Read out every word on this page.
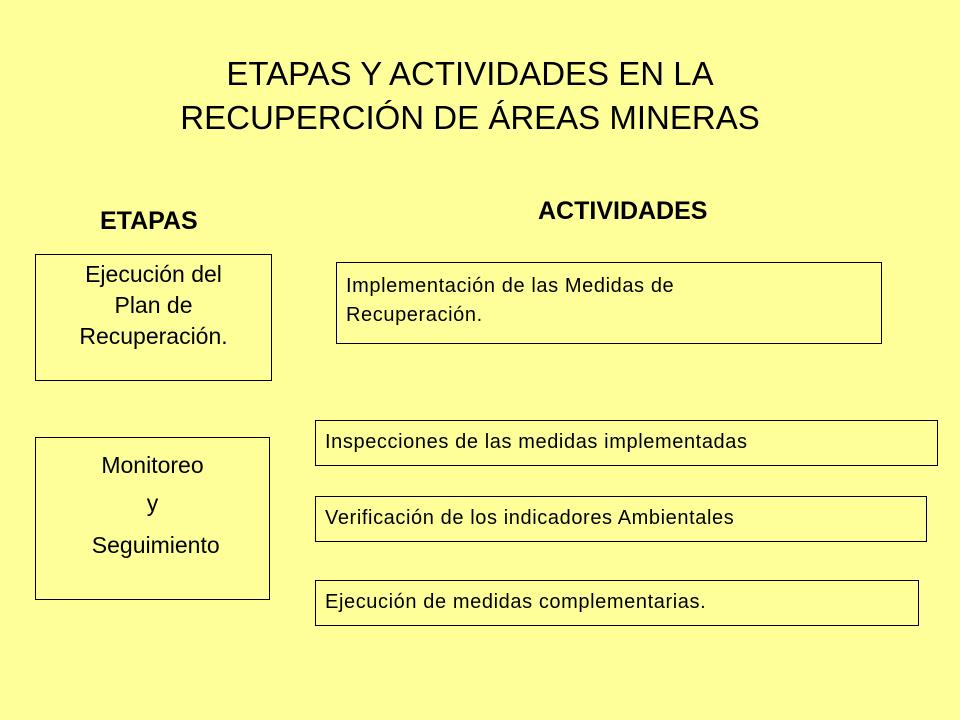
ETAPAS Y ACTIVIDADES EN LA
RECUPERCIÓN DE ÁREAS MINERAS
ETAPAS	ACTIVIDADES
Ejecución del
Plan de
Recuperación.
Monitoreo
y
Seguimiento
Implementación de las Medidas de
Recuperación.
Inspecciones de las medidas implementadas
Verificación de los indicadores Ambientales
Ejecución de medidas complementarias.
